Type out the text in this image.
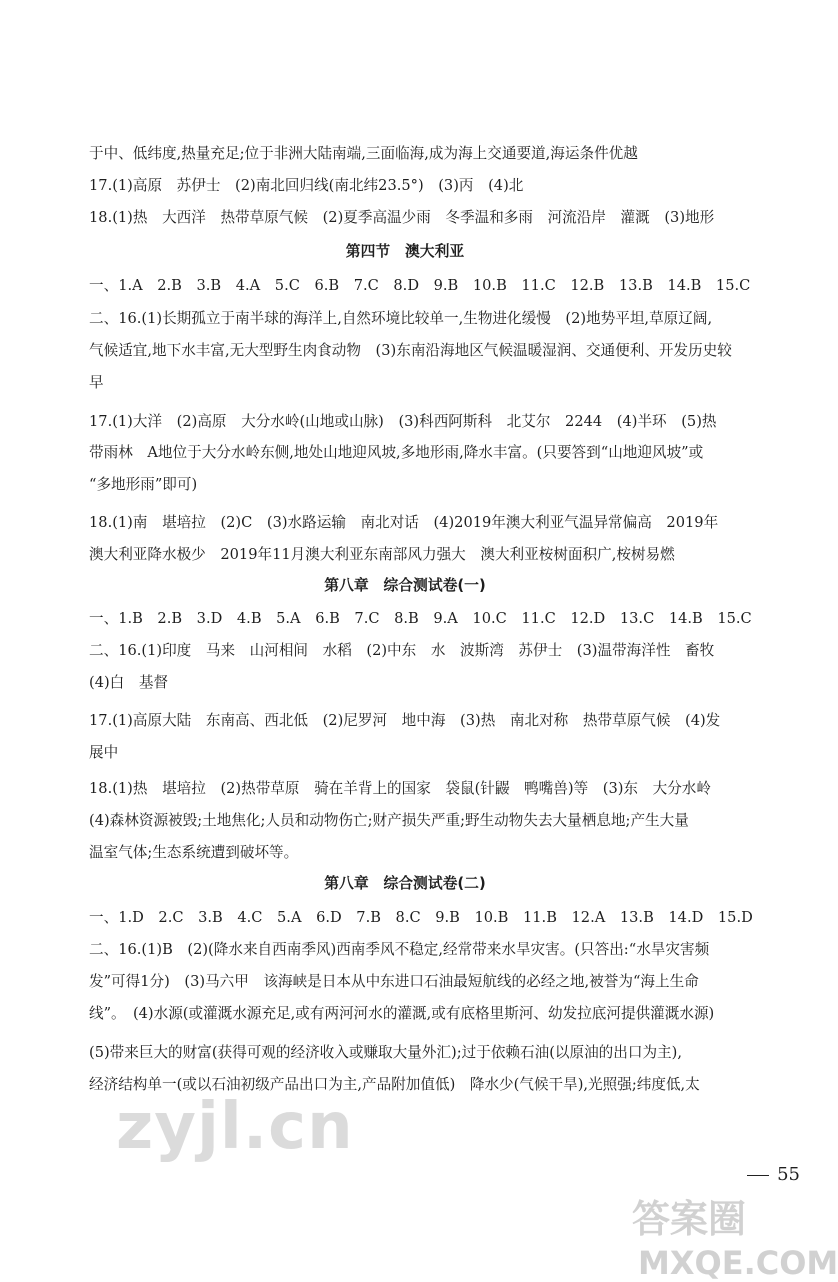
于中、低纬度,热量充足;位于非洲大陆南端,三面临海,成为海上交通要道,海运条件优越
17.(1)高原　苏伊士　(2)南北回归线(南北纬23.5°)　(3)丙　(4)北
18.(1)热　大西洋　热带草原气候　(2)夏季高温少雨　冬季温和多雨　河流沿岸　灌溉　(3)地形
第四节　澳大利亚
一、1.A　2.B　3.B　4.A　5.C　6.B　7.C　8.D　9.B　10.B　11.C　12.B　13.B　14.B　15.C
二、16.(1)长期孤立于南半球的海洋上,自然环境比较单一,生物进化缓慢　(2)地势平坦,草原辽阔,
气候适宜,地下水丰富,无大型野生肉食动物　(3)东南沿海地区气候温暖湿润、交通便利、开发历史较
早
17.(1)大洋　(2)高原　大分水岭(山地或山脉)　(3)科西阿斯科　北艾尔　2244　(4)半环　(5)热
带雨林　A地位于大分水岭东侧,地处山地迎风坡,多地形雨,降水丰富。(只要答到“山地迎风坡”或
“多地形雨”即可)
18.(1)南　堪培拉　(2)C　(3)水路运输　南北对话　(4)2019年澳大利亚气温异常偏高　2019年
澳大利亚降水极少　2019年11月澳大利亚东南部风力强大　澳大利亚桉树面积广,桉树易燃
第八章　综合测试卷(一)
一、1.B　2.B　3.D　4.B　5.A　6.B　7.C　8.B　9.A　10.C　11.C　12.D　13.C　14.B　15.C
二、16.(1)印度　马来　山河相间　水稻　(2)中东　水　波斯湾　苏伊士　(3)温带海洋性　畜牧
(4)白　基督
17.(1)高原大陆　东南高、西北低　(2)尼罗河　地中海　(3)热　南北对称　热带草原气候　(4)发
展中
18.(1)热　堪培拉　(2)热带草原　骑在羊背上的国家　袋鼠(针鼹　鸭嘴兽)等　(3)东　大分水岭
(4)森林资源被毁;土地焦化;人员和动物伤亡;财产损失严重;野生动物失去大量栖息地;产生大量
温室气体;生态系统遭到破坏等。
第八章　综合测试卷(二)
一、1.D　2.C　3.B　4.C　5.A　6.D　7.B　8.C　9.B　10.B　11.B　12.A　13.B　14.D　15.D
二、16.(1)B　(2)(降水来自西南季风)西南季风不稳定,经常带来水旱灾害。(只答出:“水旱灾害频
发”可得1分)　(3)马六甲　该海峡是日本从中东进口石油最短航线的必经之地,被誉为“海上生命
线”。　(4)水源(或灌溉水源充足,或有两河河水的灌溉,或有底格里斯河、幼发拉底河提供灌溉水源)
(5)带来巨大的财富(获得可观的经济收入或赚取大量外汇);过于依赖石油(以原油的出口为主),
经济结构单一(或以石油初级产品出口为主,产品附加值低)　降水少(气候干旱),光照强;纬度低,太
55
zyjl.cn
答案圈
MXQE.COM
